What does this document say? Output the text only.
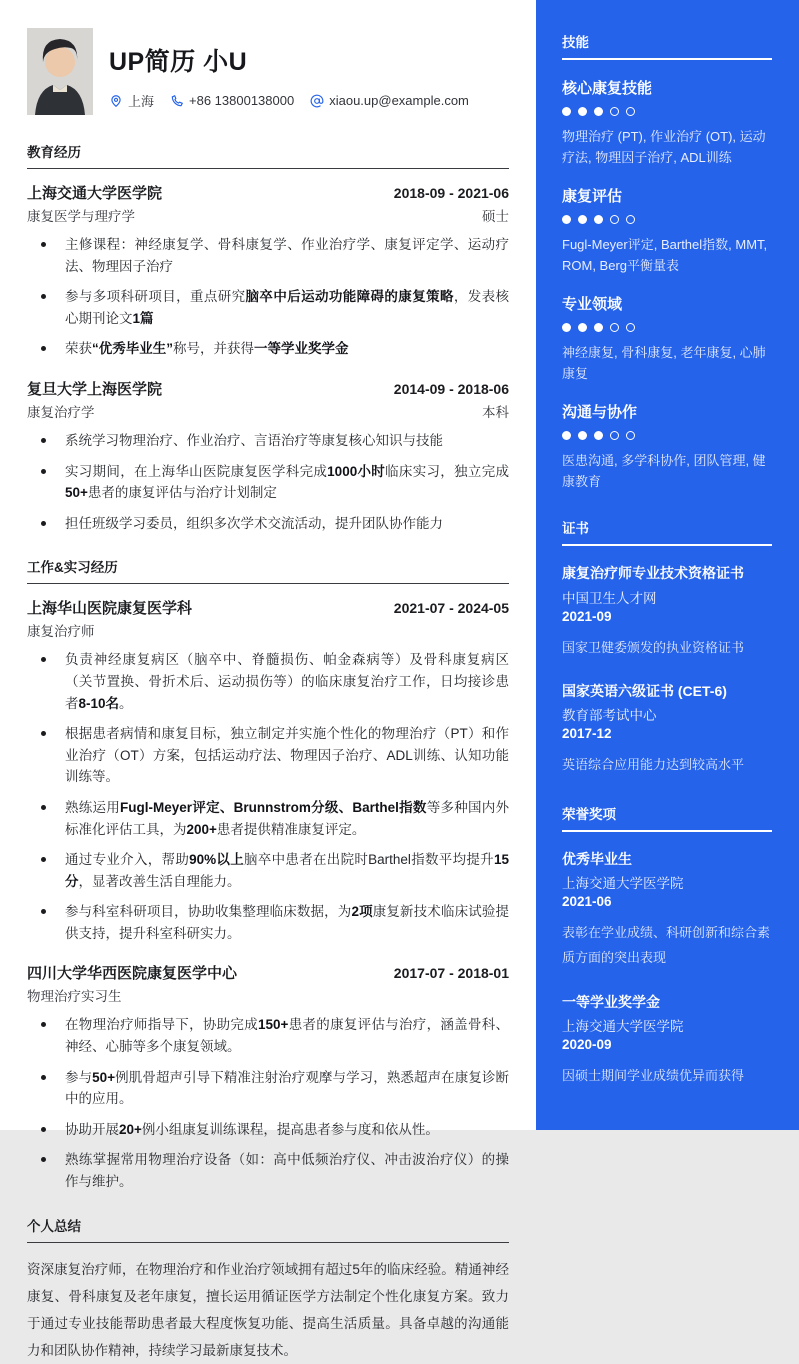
UP简历 小U
上海	+86 13800138000	xiaou.up@example.com
教育经历
上海交通大学医学院	2018-09 - 2021-06
康复医学与理疗学	硕士
主修课程：神经康复学、骨科康复学、作业治疗学、康复评定学、运动疗法、物理因子治疗
参与多项科研项目，重点研究脑卒中后运动功能障碍的康复策略，发表核心期刊论文1篇
荣获“优秀毕业生”称号，并获得一等学业奖学金
复旦大学上海医学院	2014-09 - 2018-06
康复治疗学	本科
系统学习物理治疗、作业治疗、言语治疗等康复核心知识与技能
实习期间，在上海华山医院康复医学科完成1000小时临床实习，独立完成50+患者的康复评估与治疗计划制定
担任班级学习委员，组织多次学术交流活动，提升团队协作能力
工作&实习经历
上海华山医院康复医学科	2021-07 - 2024-05
康复治疗师
负责神经康复病区（脑卒中、脊髓损伤、帕金森病等）及骨科康复病区（关节置换、骨折术后、运动损伤等）的临床康复治疗工作，日均接诊患者8-10名。
根据患者病情和康复目标，独立制定并实施个性化的物理治疗（PT）和作业治疗（OT）方案，包括运动疗法、物理因子治疗、ADL训练、认知功能训练等。
熟练运用Fugl-Meyer评定、Brunnstrom分级、Barthel指数等多种国内外标准化评估工具，为200+患者提供精准康复评定。
通过专业介入，帮助90%以上脑卒中患者在出院时Barthel指数平均提升15分，显著改善生活自理能力。
参与科室科研项目，协助收集整理临床数据，为2项康复新技术临床试验提供支持，提升科室科研实力。
四川大学华西医院康复医学中心	2017-07 - 2018-01
物理治疗实习生
在物理治疗师指导下，协助完成150+患者的康复评估与治疗，涵盖骨科、神经、心肺等多个康复领域。
参与50+例肌骨超声引导下精准注射治疗观摩与学习，熟悉超声在康复诊断中的应用。
协助开展20+例小组康复训练课程，提高患者参与度和依从性。
熟练掌握常用物理治疗设备（如：高中低频治疗仪、冲击波治疗仪）的操作与维护。
个人总结

资深康复治疗师，在物理治疗和作业治疗领域拥有超过5年的临床经验。精通神经康复、骨科康复及老年康复，擅长运用循证医学方法制定个性化康复方案。致力于通过专业技能帮助患者最大程度恢复功能、提高生活质量。具备卓越的沟通能力和团队协作精神，持续学习最新康复技术。

技能
核心康复技能
物理治疗 (PT), 作业治疗 (OT), 运动疗法, 物理因子治疗, ADL训练
康复评估
Fugl-Meyer评定, Barthel指数, MMT, ROM, Berg平衡量表
专业领域
神经康复, 骨科康复, 老年康复, 心肺康复
沟通与协作
医患沟通, 多学科协作, 团队管理, 健康教育
证书
康复治疗师专业技术资格证书
中国卫生人才网
2021-09
国家卫健委颁发的执业资格证书
国家英语六级证书 (CET-6)
教育部考试中心
2017-12
英语综合应用能力达到较高水平
荣誉奖项
优秀毕业生
上海交通大学医学院
2021-06
表彰在学业成绩、科研创新和综合素质方面的突出表现
一等学业奖学金
上海交通大学医学院
2020-09
因硕士期间学业成绩优异而获得
